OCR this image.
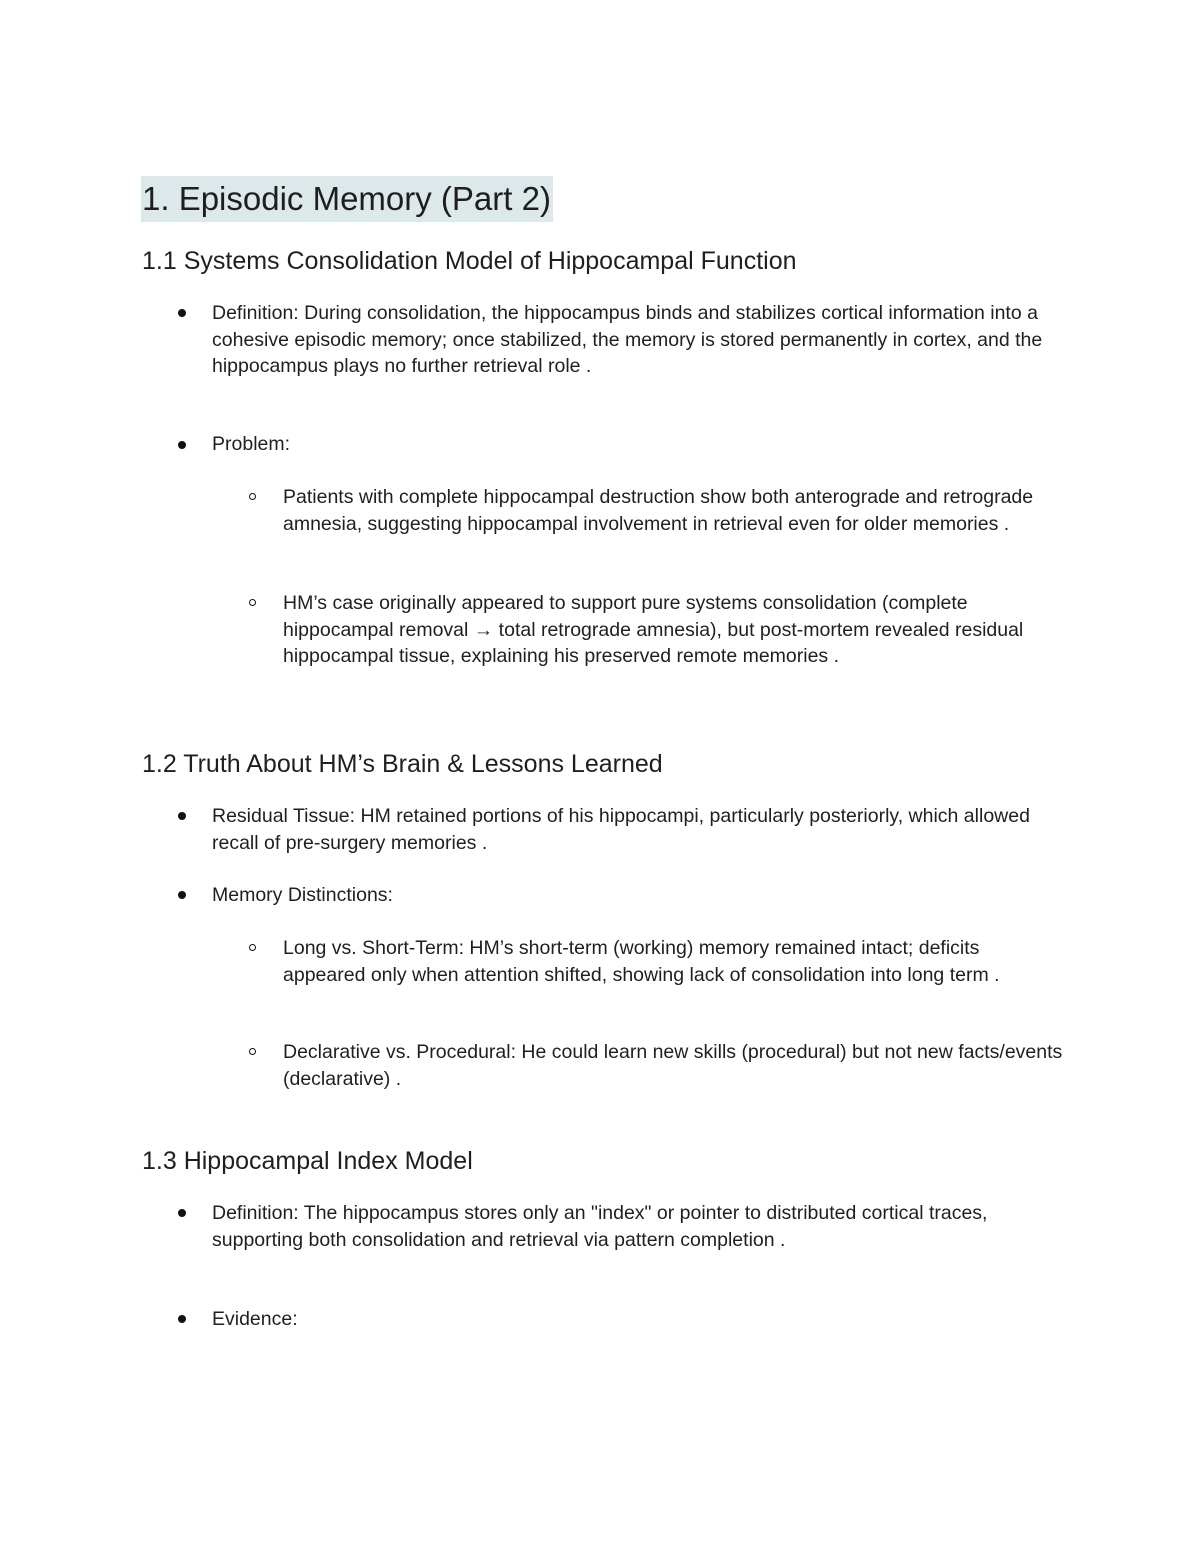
1. Episodic Memory (Part 2)
1.1 Systems Consolidation Model of Hippocampal Function

Definition: During consolidation, the hippocampus binds and stabilizes cortical information into a cohesive episodic memory; once stabilized, the memory is stored permanently in cortex, and the hippocampus plays no further retrieval role .

Problem:

Patients with complete hippocampal destruction show both anterograde and retrograde amnesia, suggesting hippocampal involvement in retrieval even for older memories .

HM’s case originally appeared to support pure systems consolidation (complete hippocampal removal → total retrograde amnesia), but post-mortem revealed residual hippocampal tissue, explaining his preserved remote memories .

1.2 Truth About HM’s Brain & Lessons Learned

Residual Tissue: HM retained portions of his hippocampi, particularly posteriorly, which allowed recall of pre-surgery memories .

Memory Distinctions:

Long vs. Short-Term: HM’s short-term (working) memory remained intact; deficits appeared only when attention shifted, showing lack of consolidation into long term .

Declarative vs. Procedural: He could learn new skills (procedural) but not new facts/events (declarative) .

1.3 Hippocampal Index Model

Definition: The hippocampus stores only an "index" or pointer to distributed cortical traces, supporting both consolidation and retrieval via pattern completion .

Evidence:
